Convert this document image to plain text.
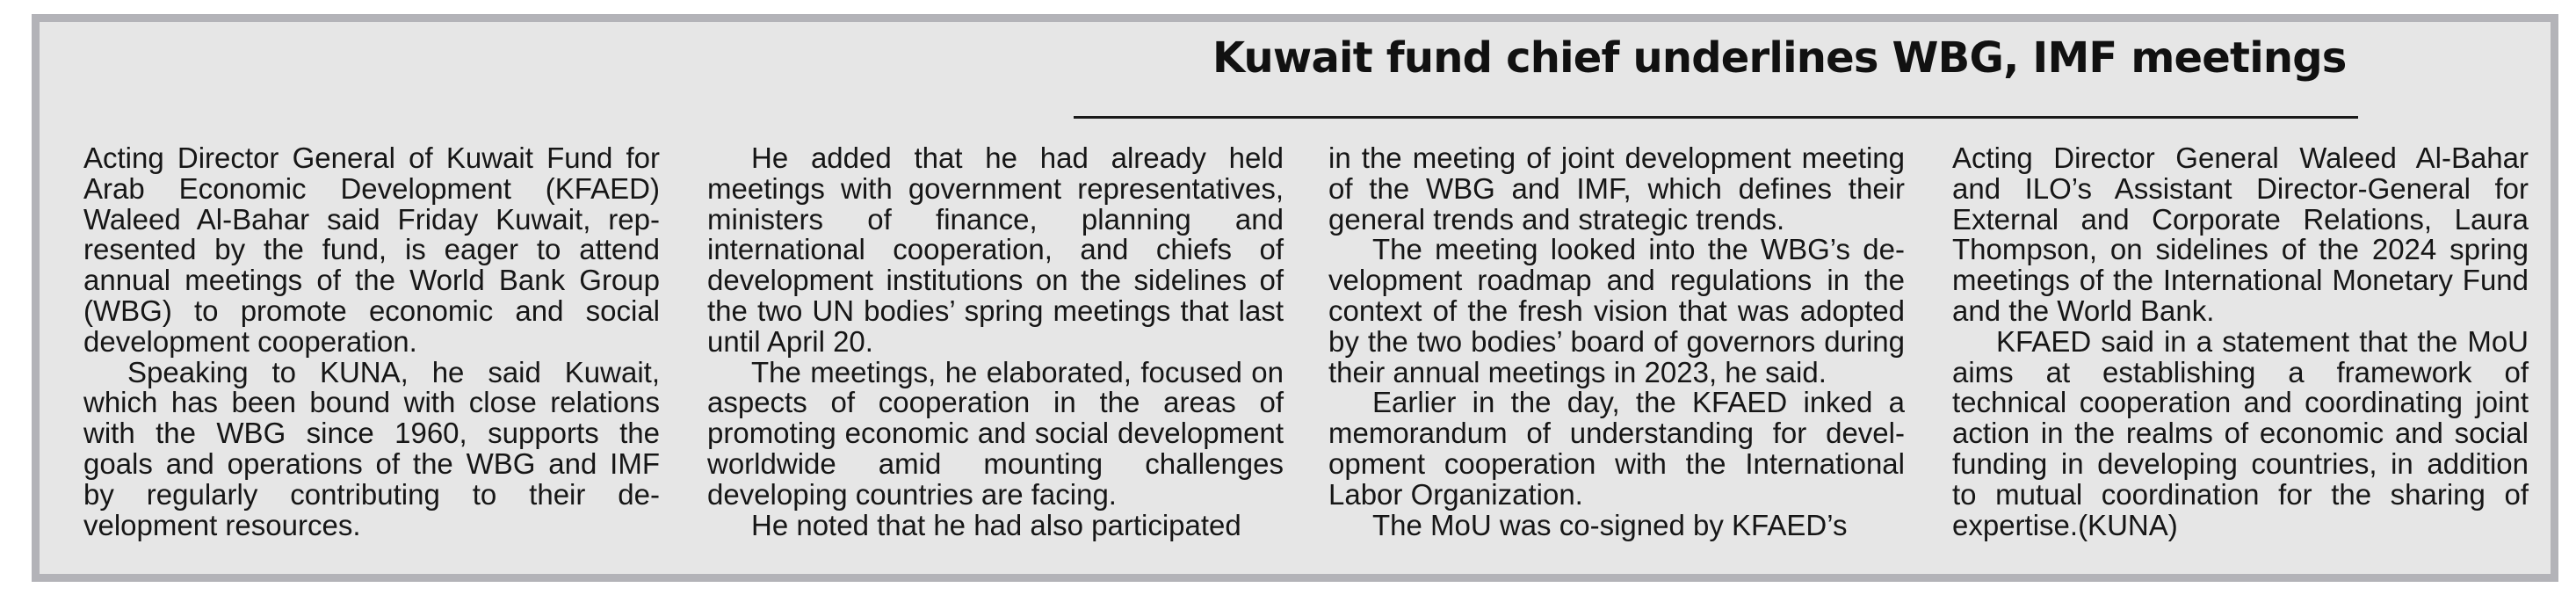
Kuwait fund chief underlines WBG, IMF meetings

Acting Director General of Kuwait Fund for Arab Economic Development (KFAED) Waleed Al-Bahar said Friday Kuwait, represented by the fund, is eager to attend annual meetings of the World Bank Group (WBG) to promote economic and social development cooperation.

Speaking to KUNA, he said Kuwait, which has been bound with close relations with the WBG since 1960, supports the goals and operations of the WBG and IMF by regularly contributing to their development resources.

He added that he had already held meetings with government representatives, ministers of finance, planning and international cooperation, and chiefs of development institutions on the sidelines of the two UN bodies’ spring meetings that last until April 20.

The meetings, he elaborated, focused on aspects of cooperation in the areas of promoting economic and social development worldwide amid mounting challenges developing countries are facing.

He noted that he had also participated

in the meeting of joint development meeting of the WBG and IMF, which defines their general trends and strategic trends.

The meeting looked into the WBG’s development roadmap and regulations in the context of the fresh vision that was adopted by the two bodies’ board of governors during their annual meetings in 2023, he said.

Earlier in the day, the KFAED inked a memorandum of understanding for development cooperation with the International Labor Organization.

The MoU was co-signed by KFAED’s

Acting Director General Waleed Al-Bahar and ILO’s Assistant Director-General for External and Corporate Relations, Laura Thompson, on sidelines of the 2024 spring meetings of the International Monetary Fund and the World Bank.

KFAED said in a statement that the MoU aims at establishing a framework of technical cooperation and coordinating joint action in the realms of economic and social funding in developing countries, in addition to mutual coordination for the sharing of expertise.(KUNA)
